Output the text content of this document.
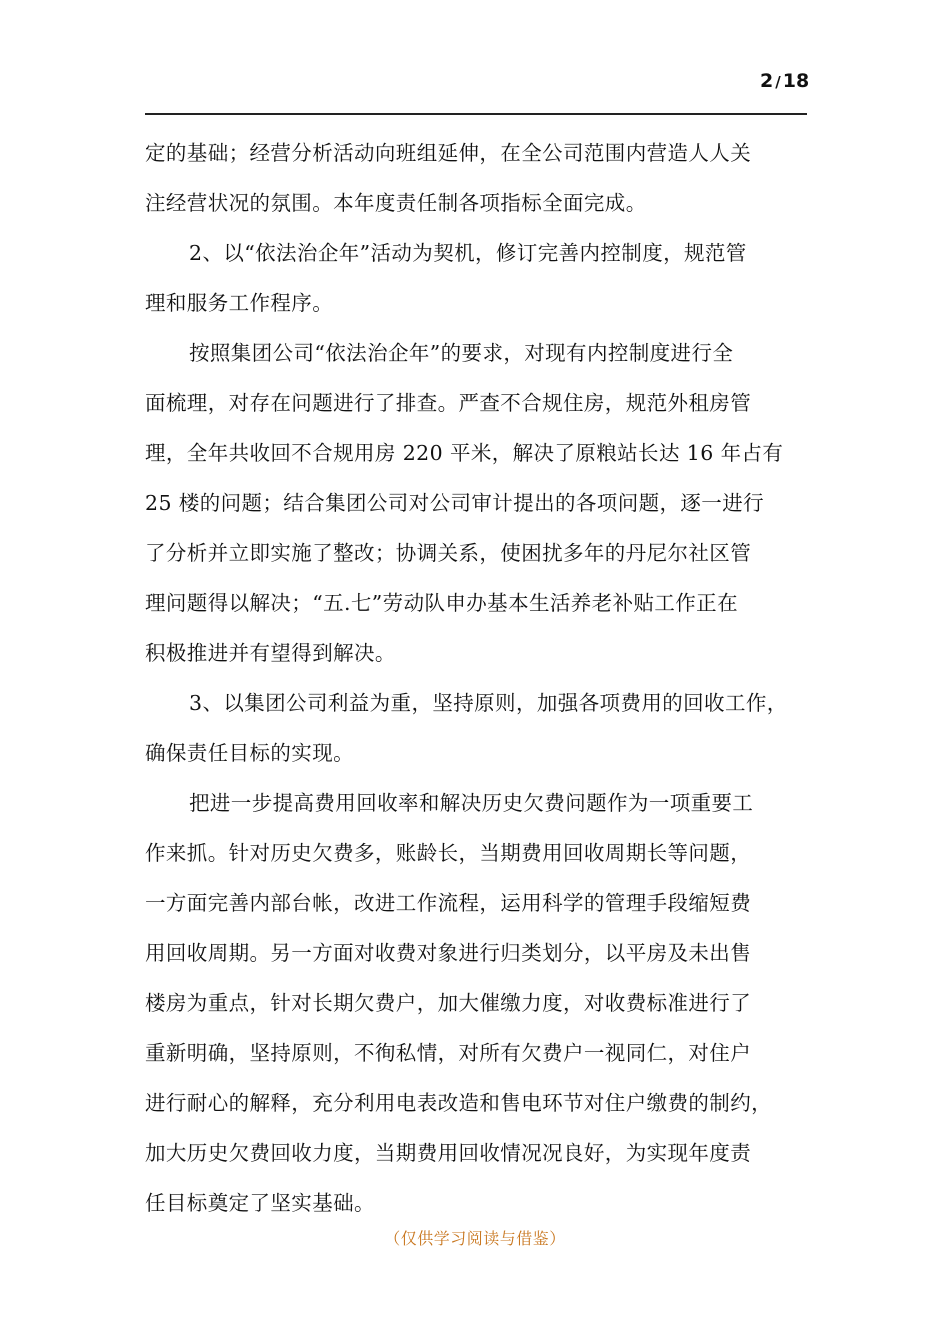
2 / 18
定的基础；经营分析活动向班组延伸，在全公司范围内营造人人关
注经营状况的氛围。本年度责任制各项指标全面完成。
2、以“依法治企年”活动为契机，修订完善内控制度，规范管
理和服务工作程序。
按照集团公司“依法治企年”的要求，对现有内控制度进行全
面梳理，对存在问题进行了排查。严查不合规住房，规范外租房管
理，全年共收回不合规用房 220 平米，解决了原粮站长达 16 年占有
25 楼的问题；结合集团公司对公司审计提出的各项问题，逐一进行
了分析并立即实施了整改；协调关系，使困扰多年的丹尼尔社区管
理问题得以解决；“五.七”劳动队申办基本生活养老补贴工作正在
积极推进并有望得到解决。
3、以集团公司利益为重，坚持原则，加强各项费用的回收工作，
确保责任目标的实现。
把进一步提高费用回收率和解决历史欠费问题作为一项重要工
作来抓。针对历史欠费多，账龄长，当期费用回收周期长等问题，
一方面完善内部台帐，改进工作流程，运用科学的管理手段缩短费
用回收周期。另一方面对收费对象进行归类划分，以平房及未出售
楼房为重点，针对长期欠费户，加大催缴力度，对收费标准进行了
重新明确，坚持原则，不徇私情，对所有欠费户一视同仁，对住户
进行耐心的解释，充分利用电表改造和售电环节对住户缴费的制约，
加大历史欠费回收力度，当期费用回收情况况良好，为实现年度责
任目标奠定了坚实基础。
（仅供学习阅读与借鉴）
